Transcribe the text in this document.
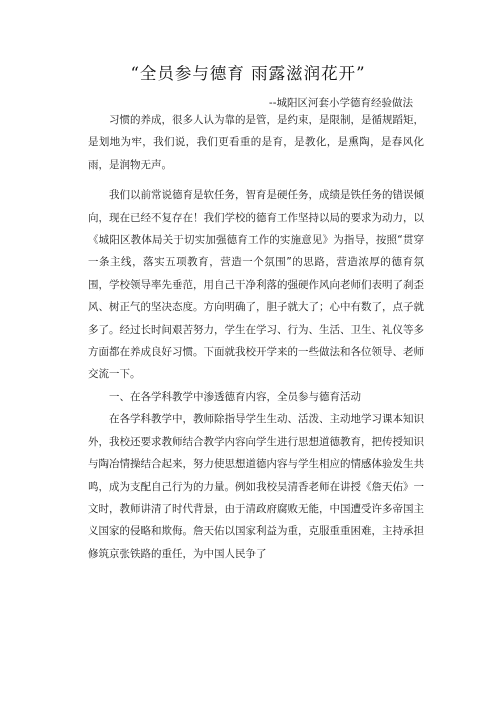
“全员参与德育 雨露滋润花开”
--城阳区河套小学德育经验做法

习惯的养成，很多人认为靠的是管，是约束，是限制，是循规蹈矩，是划地为牢，我们说，我们更看重的是育，是教化，是熏陶，是春风化雨，是润物无声。

我们以前常说德育是软任务，智育是硬任务，成绩是铁任务的错误倾向，现在已经不复存在！我们学校的德育工作坚持以局的要求为动力，以《城阳区教体局关于切实加强德育工作的实施意见》为指导，按照“贯穿一条主线，落实五项教育，营造一个氛围”的思路，营造浓厚的德育氛围，学校领导率先垂范，用自己干净利落的强硬作风向老师们表明了刹歪风、树正气的坚决态度。方向明确了，胆子就大了；心中有数了，点子就多了。经过长时间艰苦努力，学生在学习、行为、生活、卫生、礼仪等多方面都在养成良好习惯。下面就我校开学来的一些做法和各位领导、老师交流一下。

一、在各学科教学中渗透德育内容，全员参与德育活动

在各学科教学中，教师除指导学生生动、活泼、主动地学习课本知识外，我校还要求教师结合教学内容向学生进行思想道德教育，把传授知识与陶冶情操结合起来，努力使思想道德内容与学生相应的情感体验发生共鸣，成为支配自己行为的力量。例如我校吴清香老师在讲授《詹天佑》一文时，教师讲清了时代背景，由于清政府腐败无能，中国遭受许多帝国主义国家的侵略和欺侮。詹天佑以国家利益为重，克服重重困难，主持承担修筑京张铁路的重任，为中国人民争了
